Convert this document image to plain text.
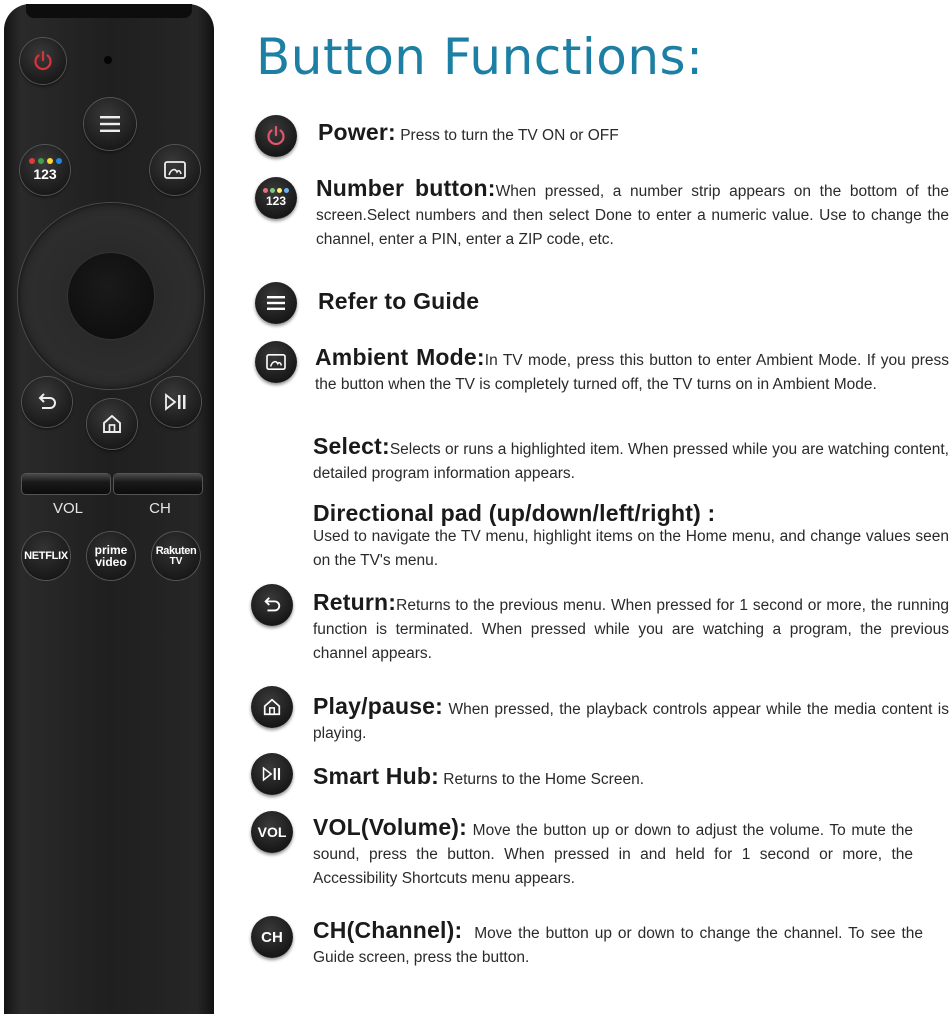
123
VOL	CH
NETFLIX prime
video
Rakuten
TV
Button Functions:
123
VOL
CH
Power: Press to turn the TV ON or OFF
Number button:When pressed, a number strip appears on the bottom of the screen.Select numbers and then select Done to enter a numeric value. Use to change the channel, enter a PIN, enter a ZIP code, etc.
Refer to Guide
Ambient Mode:In TV mode, press this button to enter Ambient Mode. If you press the button when the TV is completely turned off, the TV turns on in Ambient Mode.
Select:Selects or runs a highlighted item. When pressed while you are watching content, detailed program information appears.
Directional pad (up/down/left/right) :
Used to navigate the TV menu, highlight items on the Home menu, and change values seen on the TV's menu.
Return:Returns to the previous menu. When pressed for 1 second or more, the running function is terminated. When pressed while you are watching a program, the previous channel appears.
Play/pause: When pressed, the playback controls appear while the media content is playing.
Smart Hub: Returns to the Home Screen.
VOL(Volume): Move the button up or down to adjust the volume. To mute the sound, press the button. When pressed in and held for 1 second or more, the Accessibility Shortcuts menu appears.
CH(Channel):  Move the button up or down to change the channel. To see the Guide screen, press the button.
